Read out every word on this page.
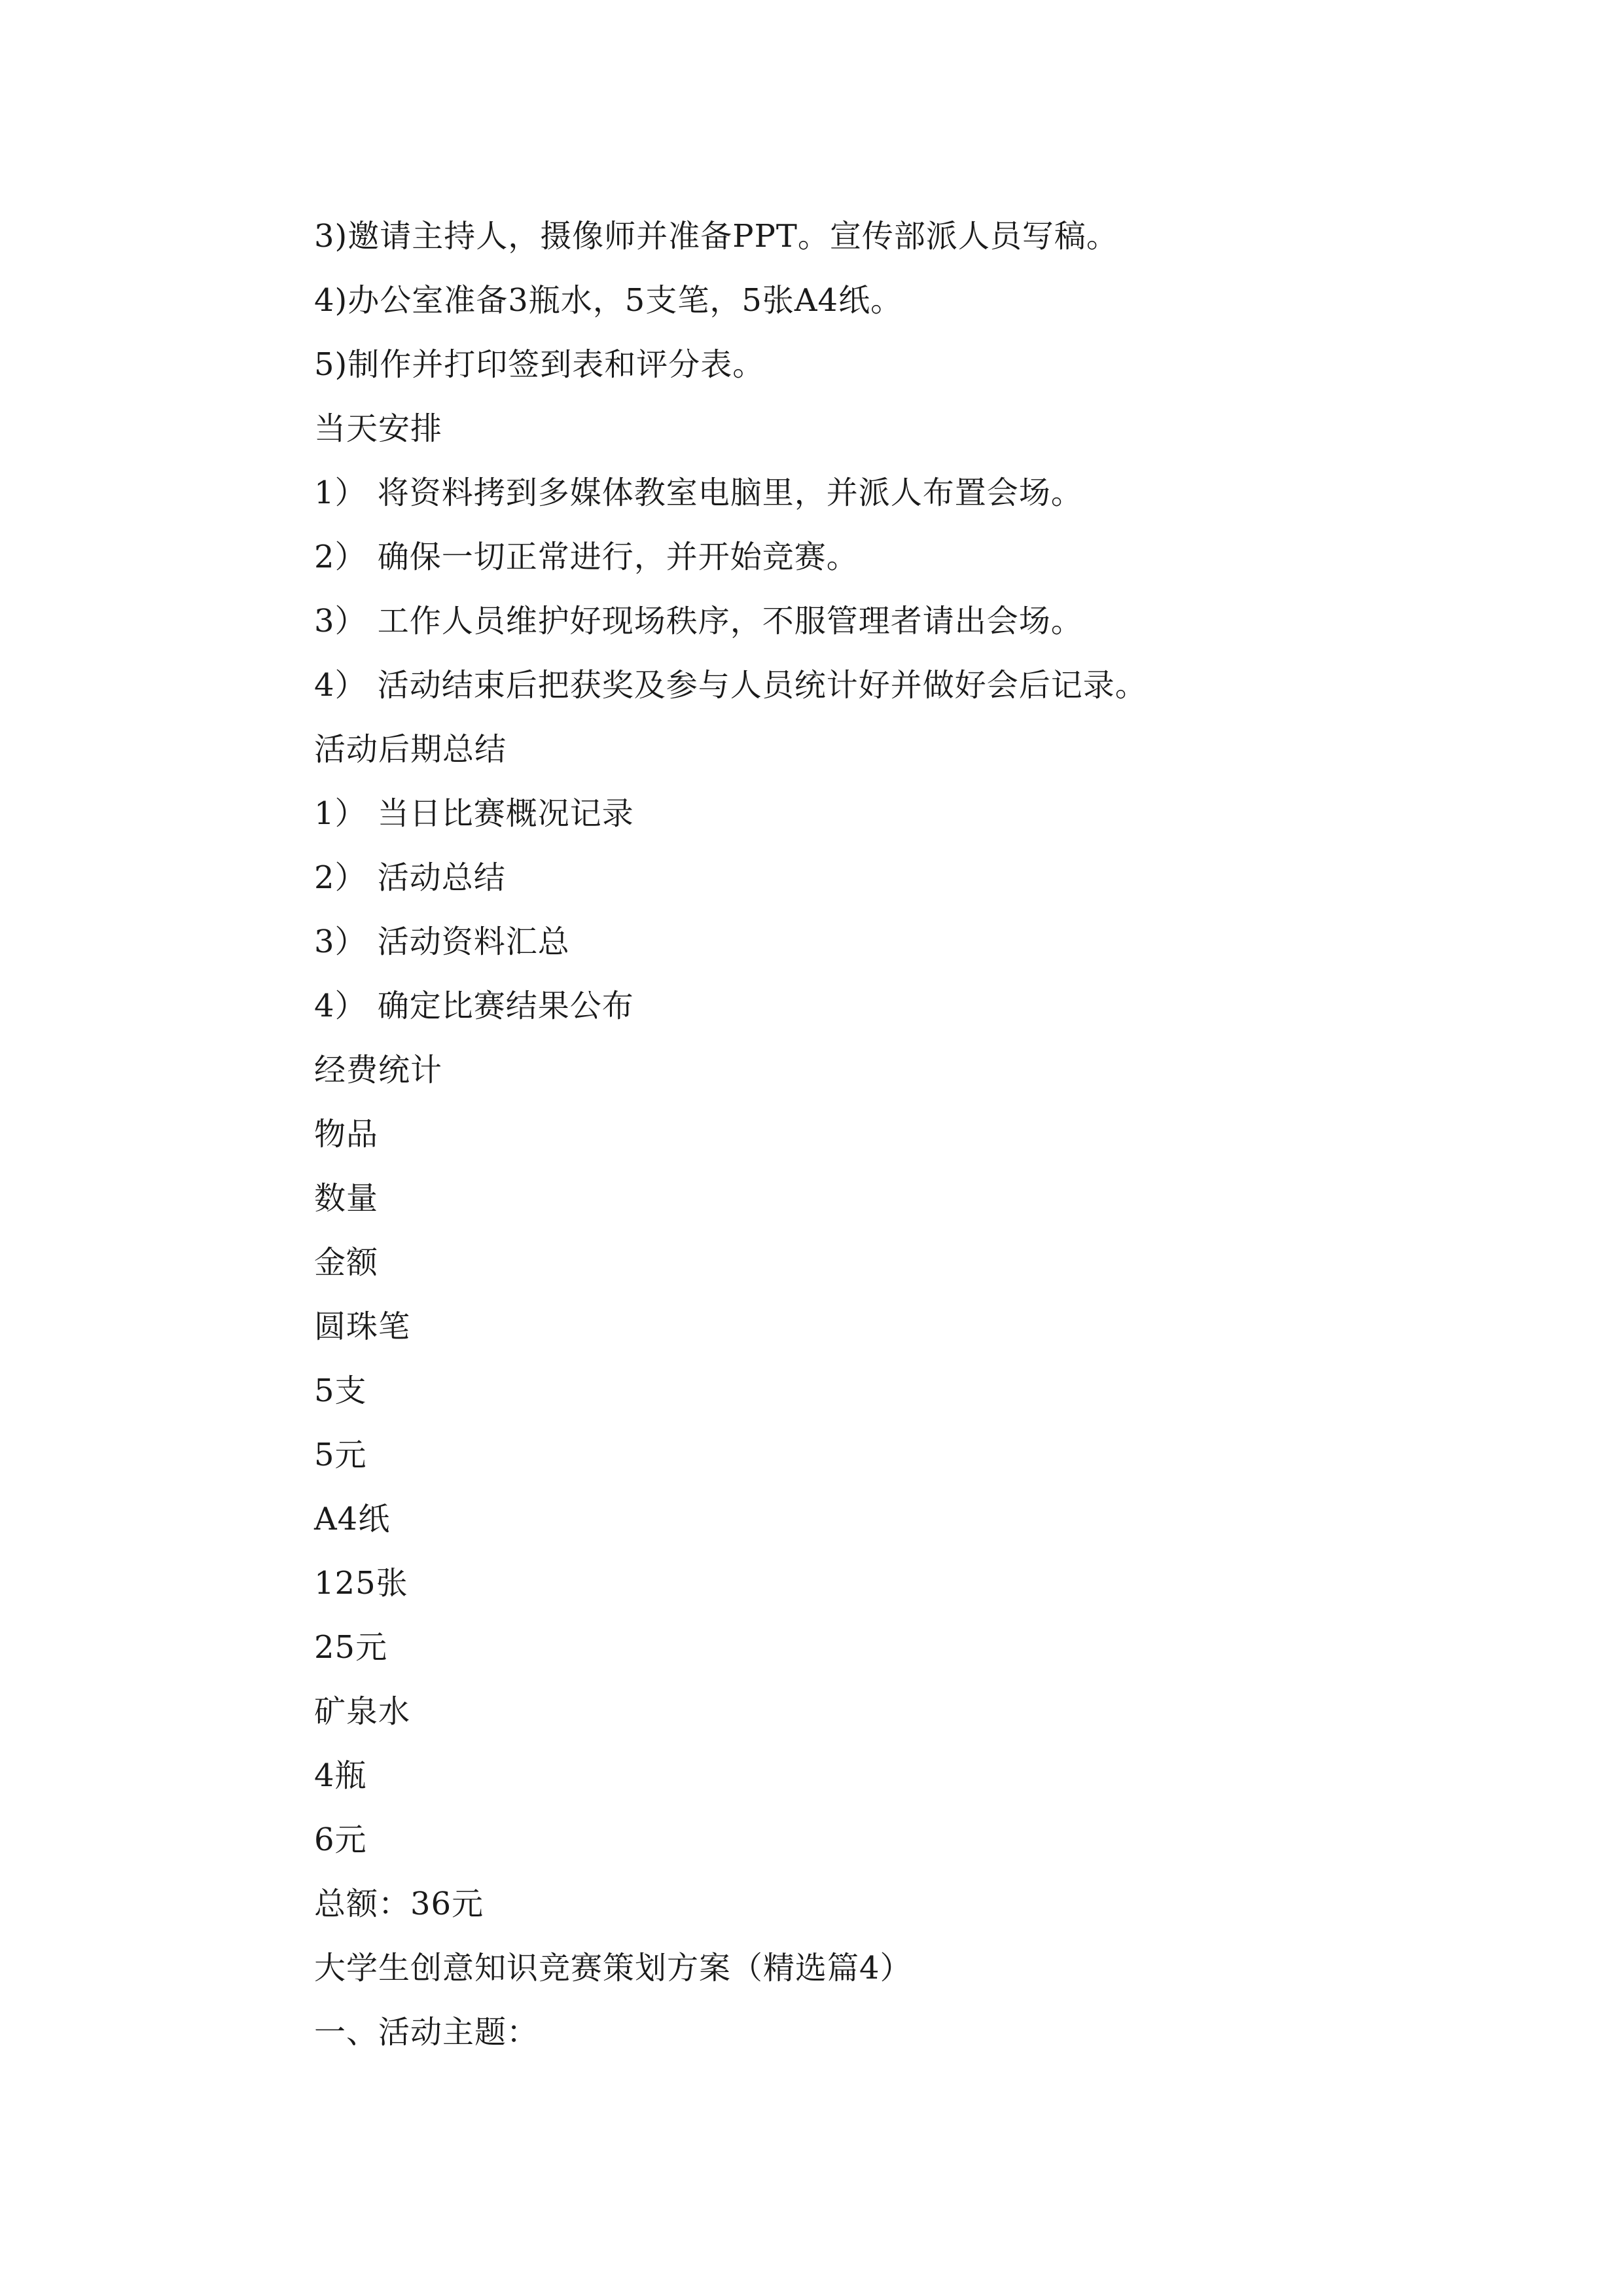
3)邀请主持人，摄像师并准备PPT。宣传部派人员写稿。
4)办公室准备3瓶水，5支笔，5张A4纸。
5)制作并打印签到表和评分表。
当天安排
1） 将资料拷到多媒体教室电脑里，并派人布置会场。
2） 确保一切正常进行，并开始竞赛。
3） 工作人员维护好现场秩序，不服管理者请出会场。
4） 活动结束后把获奖及参与人员统计好并做好会后记录。
活动后期总结
1） 当日比赛概况记录
2） 活动总结
3） 活动资料汇总
4） 确定比赛结果公布
经费统计
物品
数量
金额
圆珠笔
5支
5元
A4纸
125张
25元
矿泉水
4瓶
6元
总额：36元
大学生创意知识竞赛策划方案（精选篇4）
一、活动主题：
